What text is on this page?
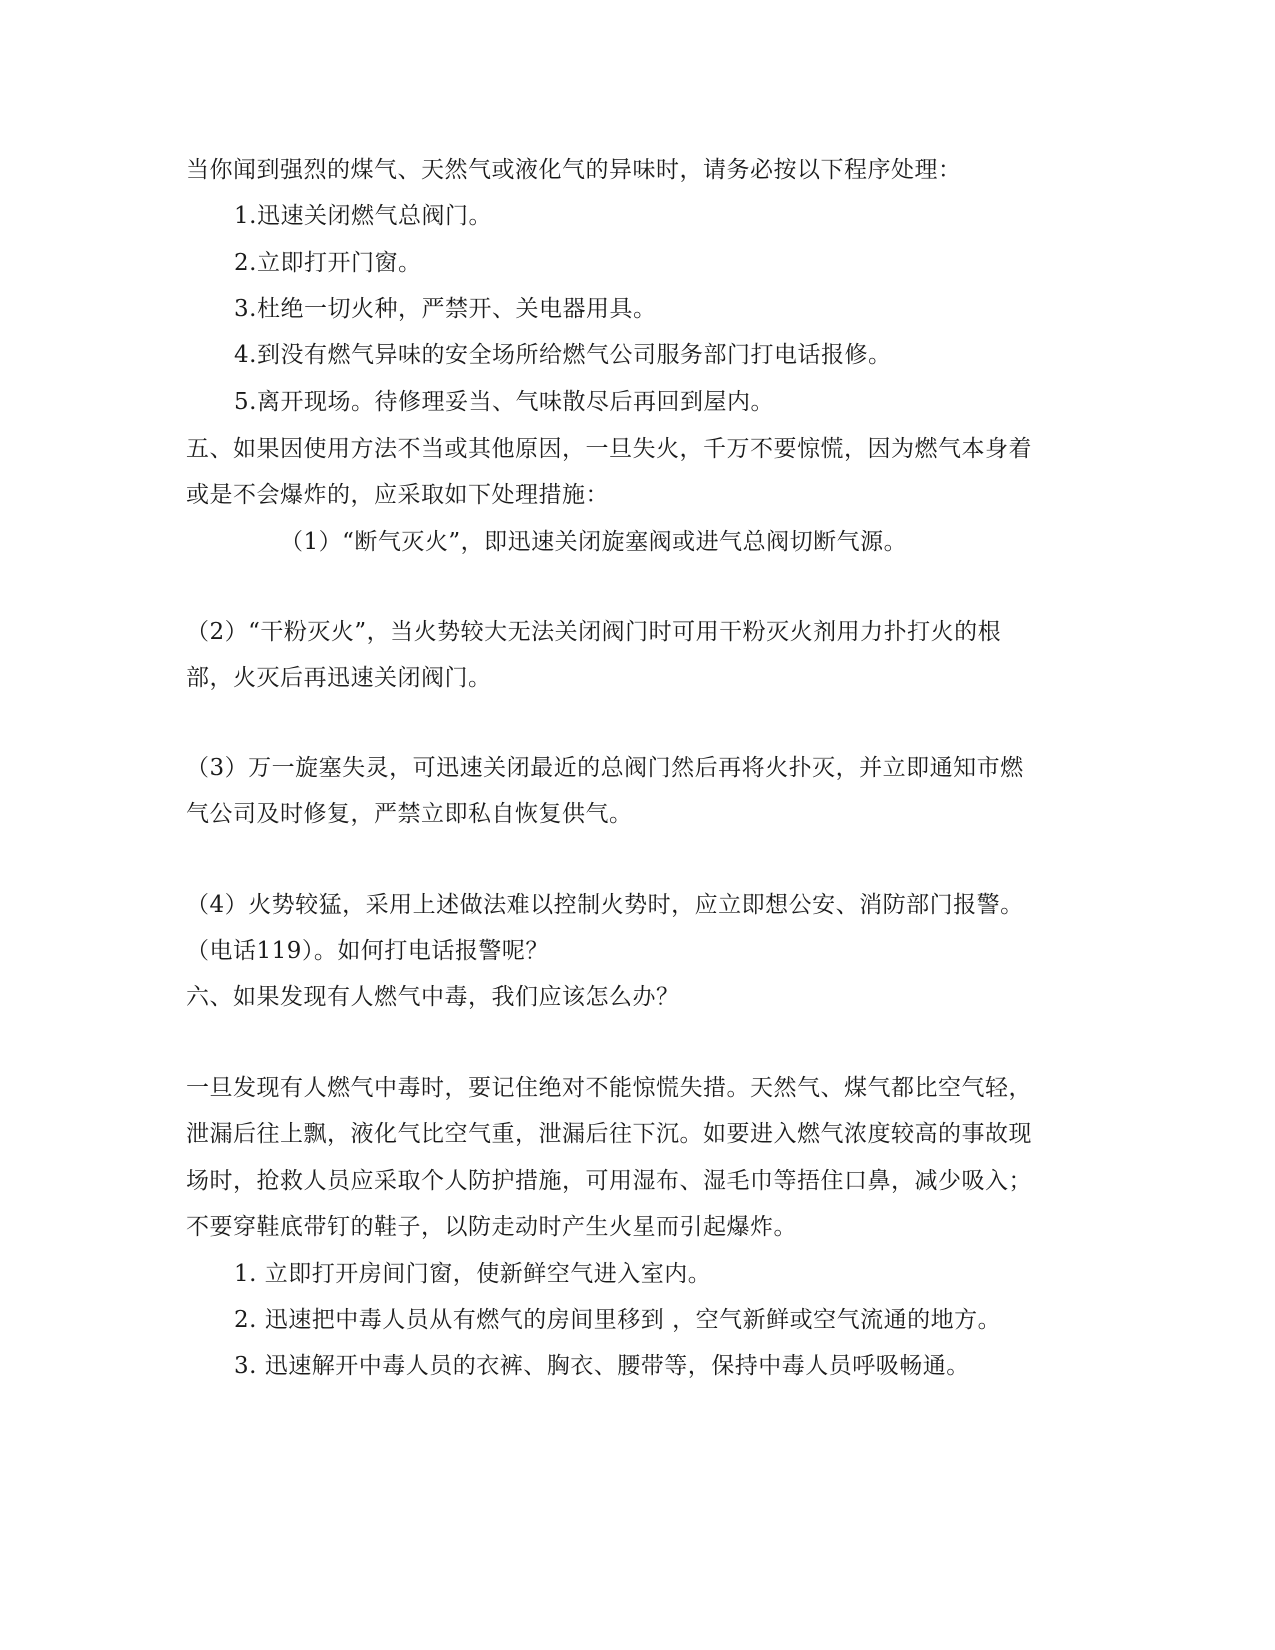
当你闻到强烈的煤气、天然气或液化气的异味时，请务必按以下程序处理：
1.迅速关闭燃气总阀门。
2.立即打开门窗。
3.杜绝一切火种，严禁开、关电器用具。
4.到没有燃气异味的安全场所给燃气公司服务部门打电话报修。
5.离开现场。待修理妥当、气味散尽后再回到屋内。
五、如果因使用方法不当或其他原因，一旦失火，千万不要惊慌，因为燃气本身着
或是不会爆炸的，应采取如下处理措施：
（1）“断气灭火”，即迅速关闭旋塞阀或进气总阀切断气源。
（2）“干粉灭火”，当火势较大无法关闭阀门时可用干粉灭火剂用力扑打火的根
部，火灭后再迅速关闭阀门。
（3）万一旋塞失灵，可迅速关闭最近的总阀门然后再将火扑灭，并立即通知市燃
气公司及时修复，严禁立即私自恢复供气。
（4）火势较猛，采用上述做法难以控制火势时，应立即想公安、消防部门报警。
（电话119）。如何打电话报警呢？
六、如果发现有人燃气中毒，我们应该怎么办？
一旦发现有人燃气中毒时，要记住绝对不能惊慌失措。天然气、煤气都比空气轻，
泄漏后往上飘，液化气比空气重，泄漏后往下沉。如要进入燃气浓度较高的事故现
场时，抢救人员应采取个人防护措施，可用湿布、湿毛巾等捂住口鼻，减少吸入；
不要穿鞋底带钉的鞋子，以防走动时产生火星而引起爆炸。
1. 立即打开房间门窗，使新鲜空气进入室内。
2. 迅速把中毒人员从有燃气的房间里移到 ，空气新鲜或空气流通的地方。
3. 迅速解开中毒人员的衣裤、胸衣、腰带等，保持中毒人员呼吸畅通。
